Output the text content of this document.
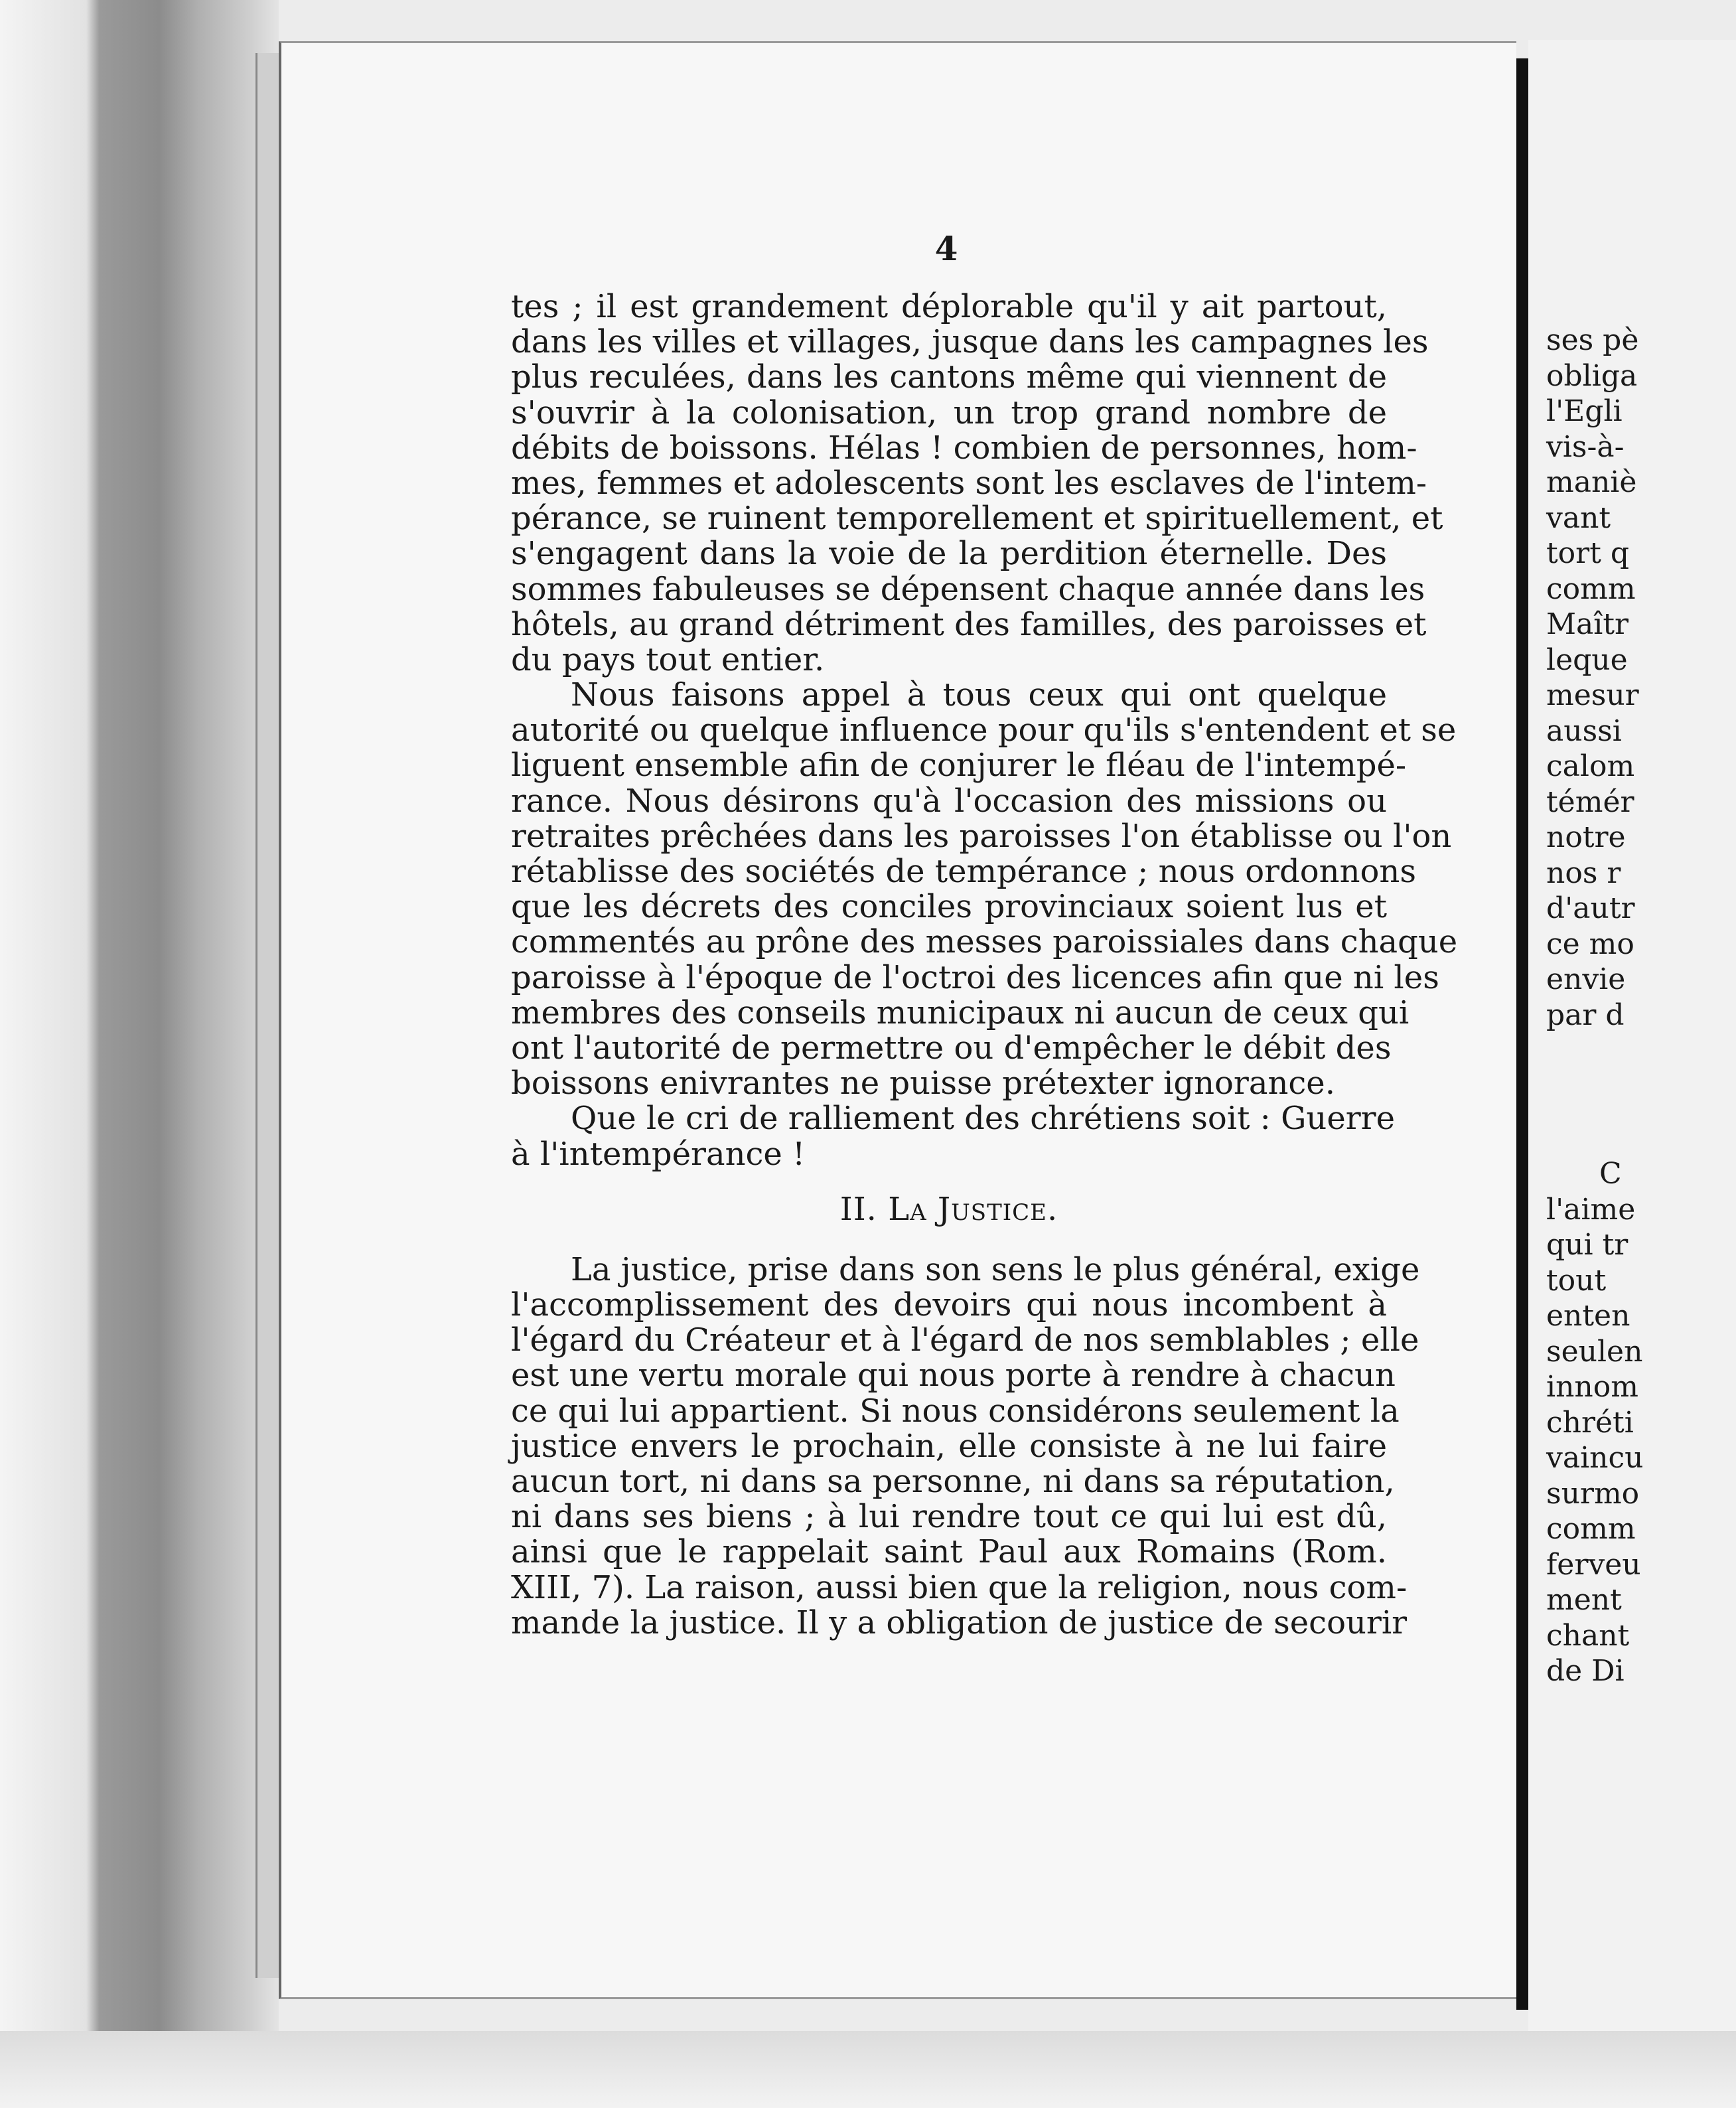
4
tes ; il est grandement déplorable qu'il y ait partout,
dans les villes et villages, jusque dans les campagnes les
plus reculées, dans les cantons même qui viennent de
s'ouvrir à la colonisation, un trop grand nombre de
débits de boissons. Hélas ! combien de personnes, hom-
mes, femmes et adolescents sont les esclaves de l'intem-
pérance, se ruinent temporellement et spirituellement, et
s'engagent dans la voie de la perdition éternelle. Des
sommes fabuleuses se dépensent chaque année dans les
hôtels, au grand détriment des familles, des paroisses et
du pays tout entier.
Nous faisons appel à tous ceux qui ont quelque
autorité ou quelque influence pour qu'ils s'entendent et se
liguent ensemble afin de conjurer le fléau de l'intempé-
rance. Nous désirons qu'à l'occasion des missions ou
retraites prêchées dans les paroisses l'on établisse ou l'on
rétablisse des sociétés de tempérance ; nous ordonnons
que les décrets des conciles provinciaux soient lus et
commentés au prône des messes paroissiales dans chaque
paroisse à l'époque de l'octroi des licences afin que ni les
membres des conseils municipaux ni aucun de ceux qui
ont l'autorité de permettre ou d'empêcher le débit des
boissons enivrantes ne puisse prétexter ignorance.
Que le cri de ralliement des chrétiens soit : Guerre
à l'intempérance !
II. La Justice.
La justice, prise dans son sens le plus général, exige
l'accomplissement des devoirs qui nous incombent à
l'égard du Créateur et à l'égard de nos semblables ; elle
est une vertu morale qui nous porte à rendre à chacun
ce qui lui appartient. Si nous considérons seulement la
justice envers le prochain, elle consiste à ne lui faire
aucun tort, ni dans sa personne, ni dans sa réputation,
ni dans ses biens ; à lui rendre tout ce qui lui est dû,
ainsi que le rappelait saint Paul aux Romains (Rom.
XIII, 7). La raison, aussi bien que la religion, nous com-
mande la justice. Il y a obligation de justice de secourir
ses pè
obliga
l'Egli
vis-à-
maniè
vant
tort q
comm
Maîtr
leque
mesur
aussi
calom
témér
notre
nos r
d'autr
ce mo
envie
par d
C
l'aime
qui tr
tout
enten
seulen
innom
chréti
vaincu
surmo
comm
ferveu
ment
chant
de Di
